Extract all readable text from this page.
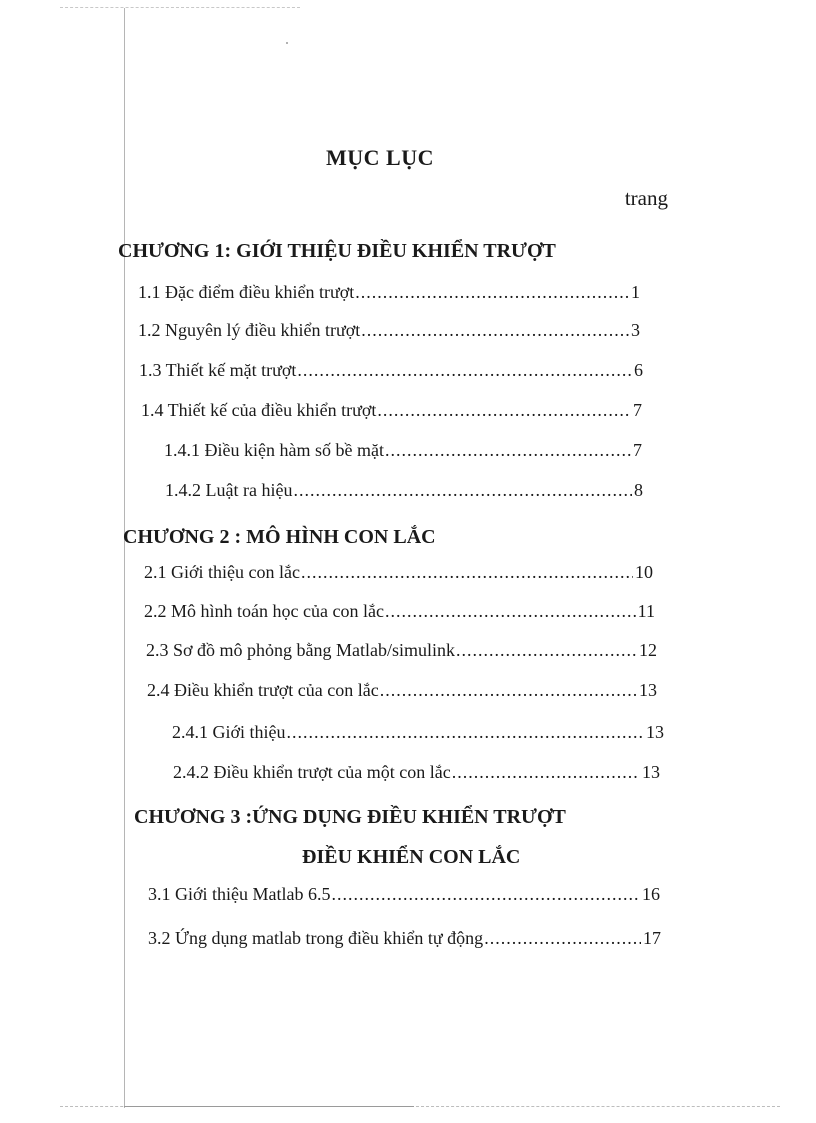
MỤC LỤC
trang
CHƯƠNG 1: GIỚI THIỆU ĐIỀU KHIỂN TRƯỢT
1.1 Đặc điểm điều khiển trượt .....	1
1.2 Nguyên lý điều khiển trượt .....	3
1.3 Thiết kế mặt trượt .....	6
1.4 Thiết kế của điều khiển trượt .....	7
1.4.1 Điều kiện hàm số bề mặt .....	7
1.4.2 Luật ra hiệu .....	8
CHƯƠNG 2 : MÔ HÌNH CON LẮC
2.1 Giới thiệu con lắc .....	10
2.2 Mô hình toán học của con lắc .....	11
2.3 Sơ đồ mô phỏng bằng Matlab/simulink .....	12
2.4 Điều khiển trượt của con lắc .....	13
2.4.1 Giới thiệu .....	13
2.4.2 Điều khiển trượt của một con lắc .....	13
CHƯƠNG 3 :ỨNG DỤNG ĐIỀU KHIỂN TRƯỢT
ĐIỀU KHIỂN CON LẮC
3.1 Giới thiệu Matlab 6.5 .....	16
3.2 Ứng dụng matlab trong điều khiển tự động .....	17
